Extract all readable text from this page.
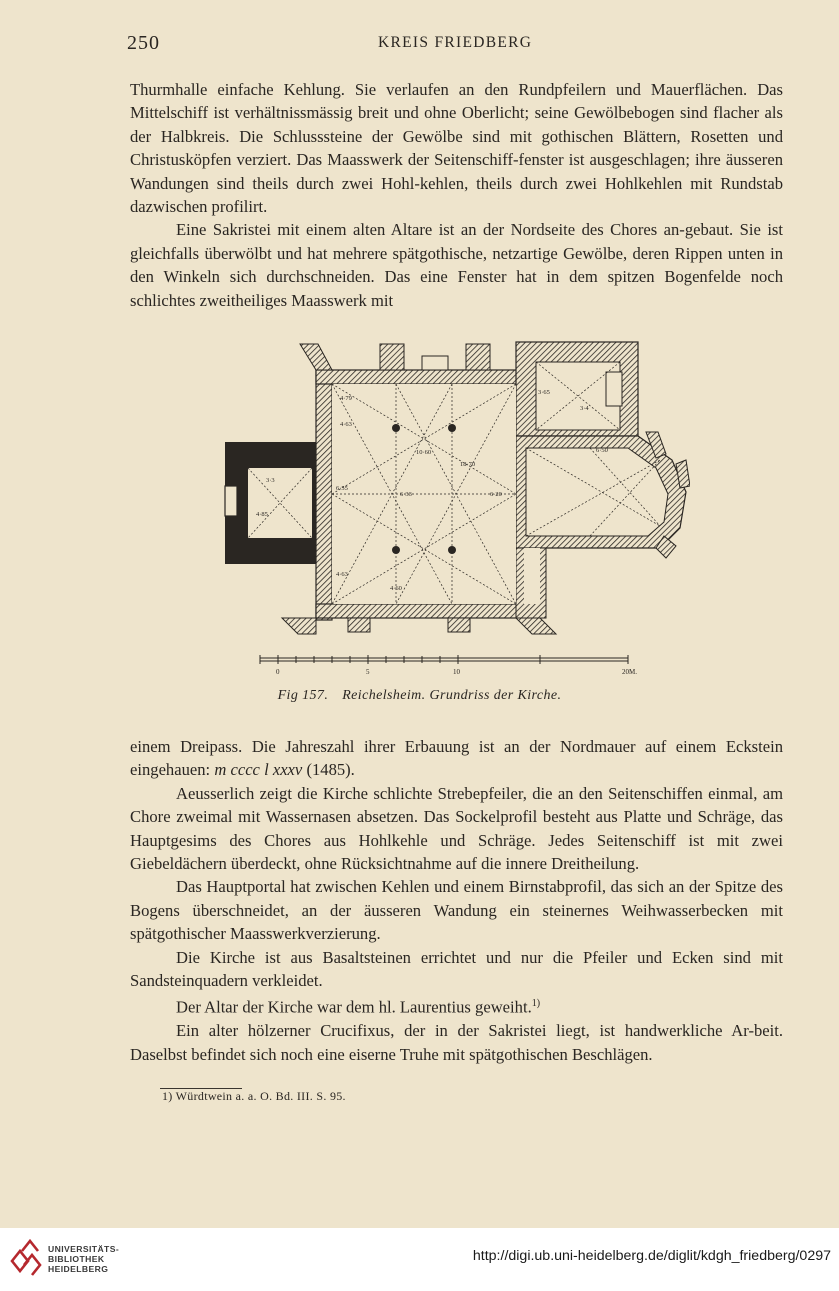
250	KREIS FRIEDBERG

Thurmhalle einfache Kehlung. Sie verlaufen an den Rundpfeilern und Mauerflächen. Das Mittelschiff ist verhältnissmässig breit und ohne Oberlicht; seine Gewölbebogen sind flacher als der Halbkreis. Die Schlusssteine der Gewölbe sind mit gothischen Blättern, Rosetten und Christusköpfen verziert. Das Maasswerk der Seitenschiff-fenster ist ausgeschlagen; ihre äusseren Wandungen sind theils durch zwei Hohl-kehlen, theils durch zwei Hohlkehlen mit Rundstab dazwischen profilirt.

Eine Sakristei mit einem alten Altare ist an der Nordseite des Chores an-gebaut. Sie ist gleichfalls überwölbt und hat mehrere spätgothische, netzartige Gewölbe, deren Rippen unten in den Winkeln sich durchschneiden. Das eine Fenster hat in dem spitzen Bogenfelde noch schlichtes zweitheiliges Maasswerk mit

3·3
3·65
4·79
4·63
4·85
6·55
6·33
10·60
18·70
6·20
6·50
4·63
4·60
3·4
0	5	10	20M.
Fig 157. Reichelsheim. Grundriss der Kirche.

einem Dreipass. Die Jahreszahl ihrer Erbauung ist an der Nordmauer auf einem Eckstein eingehauen: m cccc l xxxv (1485).

Aeusserlich zeigt die Kirche schlichte Strebepfeiler, die an den Seitenschiffen einmal, am Chore zweimal mit Wassernasen absetzen. Das Sockelprofil besteht aus Platte und Schräge, das Hauptgesims des Chores aus Hohlkehle und Schräge. Jedes Seitenschiff ist mit zwei Giebeldächern überdeckt, ohne Rücksichtnahme auf die innere Dreitheilung.

Das Hauptportal hat zwischen Kehlen und einem Birnstabprofil, das sich an der Spitze des Bogens überschneidet, an der äusseren Wandung ein steinernes Weihwasserbecken mit spätgothischer Maasswerkverzierung.

Die Kirche ist aus Basaltsteinen errichtet und nur die Pfeiler und Ecken sind mit Sandsteinquadern verkleidet.

Der Altar der Kirche war dem hl. Laurentius geweiht.$^{1)}$

Ein alter hölzerner Crucifixus, der in der Sakristei liegt, ist handwerkliche Ar-beit. Daselbst befindet sich noch eine eiserne Truhe mit spätgothischen Beschlägen.

1) Würdtwein a. a. O. Bd. III. S. 95.
UNIVERSITÄTS-
BIBLIOTHEK
HEIDELBERG
http://digi.ub.uni-heidelberg.de/diglit/kdgh_friedberg/0297
